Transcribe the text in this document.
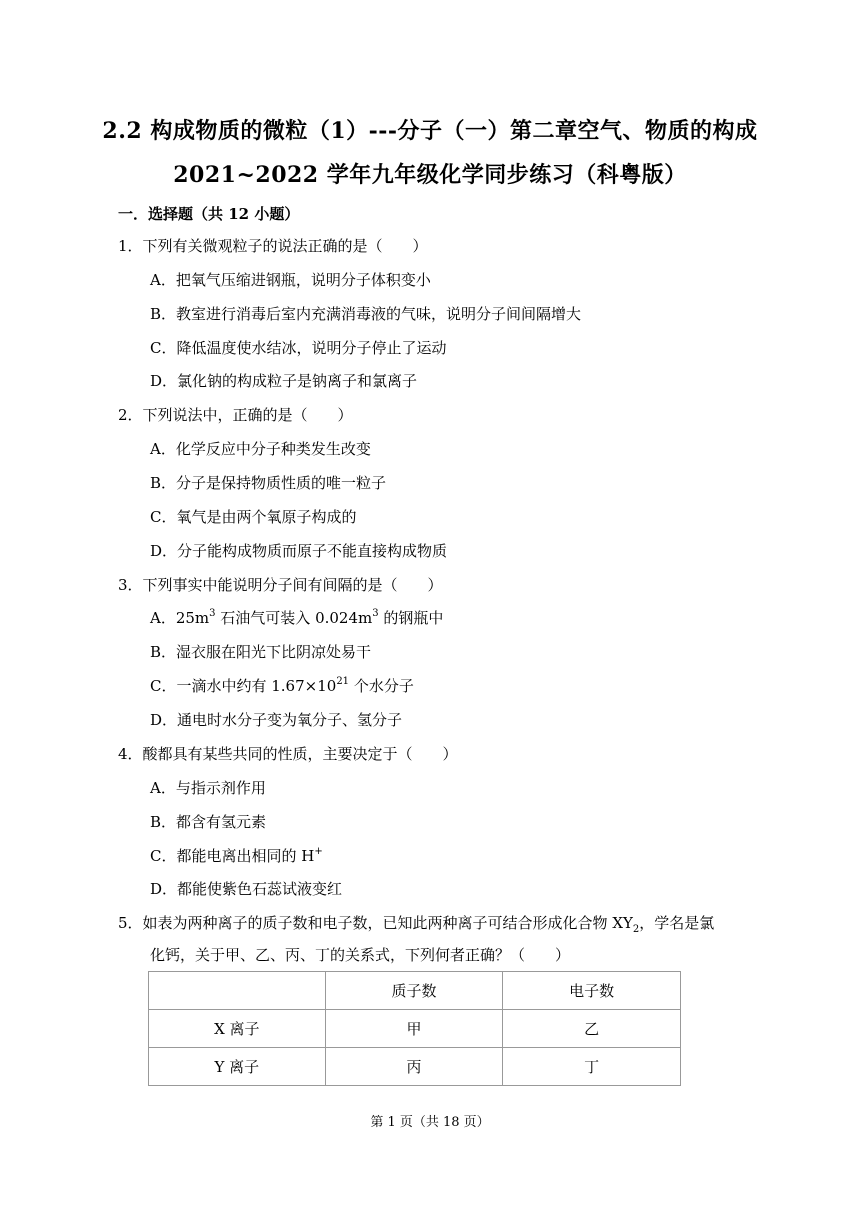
2.2 构成物质的微粒（1）---分子（一）第二章空气、物质的构成
2021~2022 学年九年级化学同步练习（科粤版）
一．选择题（共 12 小题）
1．下列有关微观粒子的说法正确的是（　　）
A．把氧气压缩进钢瓶，说明分子体积变小
B．教室进行消毒后室内充满消毒液的气味，说明分子间间隔增大
C．降低温度使水结冰，说明分子停止了运动
D．氯化钠的构成粒子是钠离子和氯离子
2．下列说法中，正确的是（　　）
A．化学反应中分子种类发生改变
B．分子是保持物质性质的唯一粒子
C．氧气是由两个氧原子构成的
D．分子能构成物质而原子不能直接构成物质
3．下列事实中能说明分子间有间隔的是（　　）
A．$25m^3$ 石油气可装入 $0.024m^3$ 的钢瓶中
B．湿衣服在阳光下比阴凉处易干
C．一滴水中约有 $1.67\times 10^{21}$ 个水分子
D．通电时水分子变为氧分子、氢分子
4．酸都具有某些共同的性质，主要决定于（　　）
A．与指示剂作用
B．都含有氢元素
C．都能电离出相同的 H+
D．都能使紫色石蕊试液变红
5．如表为两种离子的质子数和电子数，已知此两种离子可结合形成化合物 $XY_2$，学名是氯
化钙，关于甲、乙、丙、丁的关系式，下列何者正确？（　　）
	质子数	电子数
X 离子	甲	乙
Y 离子	丙	丁
第 1 页（共 18 页）
